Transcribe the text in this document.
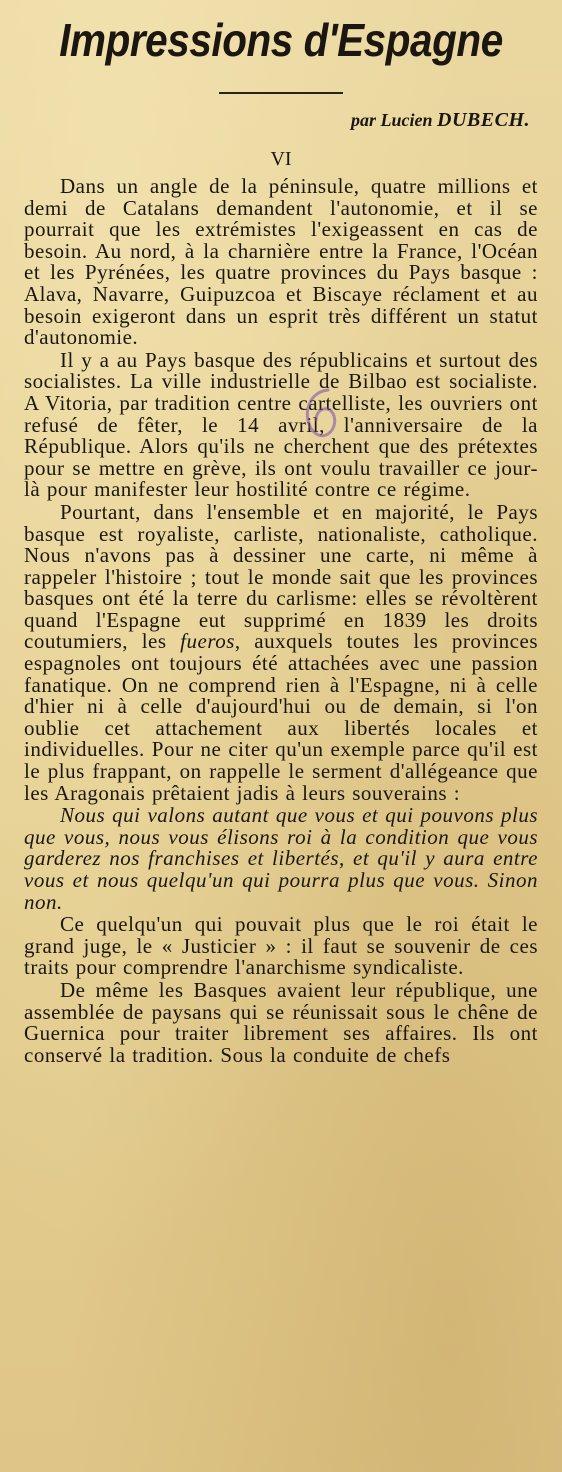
Impressions d'Espagne
par Lucien DUBECH.
VI

Dans un angle de la péninsule, quatre millions et demi de Catalans demandent l'autonomie, et il se pourrait que les extrémistes l'exigeassent en cas de besoin. Au nord, à la charnière entre la France, l'Océan et les Pyrénées, les quatre provinces du Pays basque : Alava, Navarre, Guipuzcoa et Biscaye réclament et au besoin exigeront dans un esprit très différent un statut d'autonomie.

Il y a au Pays basque des républicains et surtout des socialistes. La ville industrielle de Bilbao est socialiste. A Vitoria, par tradition centre cartelliste, les ouvriers ont refusé de fêter, le 14 avril, l'anniversaire de la République. Alors qu'ils ne cherchent que des prétextes pour se mettre en grève, ils ont voulu travailler ce jour-là pour manifester leur hostilité contre ce régime.

Pourtant, dans l'ensemble et en majorité, le Pays basque est royaliste, carliste, nationaliste, catholique. Nous n'avons pas à dessiner une carte, ni même à rappeler l'histoire ; tout le monde sait que les provinces basques ont été la terre du carlisme: elles se révoltèrent quand l'Espagne eut supprimé en 1839 les droits coutumiers, les fueros, auxquels toutes les provinces espagnoles ont toujours été attachées avec une passion fanatique. On ne comprend rien à l'Espagne, ni à celle d'hier ni à celle d'aujourd'hui ou de demain, si l'on oublie cet attachement aux libertés locales et individuelles. Pour ne citer qu'un exemple parce qu'il est le plus frappant, on rappelle le serment d'allégeance que les Aragonais prêtaient jadis à leurs souverains :

Nous qui valons autant que vous et qui pouvons plus que vous, nous vous élisons roi à la condition que vous garderez nos franchises et libertés, et qu'il y aura entre vous et nous quelqu'un qui pourra plus que vous. Sinon non.

Ce quelqu'un qui pouvait plus que le roi était le grand juge, le « Justicier » : il faut se souvenir de ces traits pour comprendre l'anarchisme syndicaliste.

De même les Basques avaient leur république, une assemblée de paysans qui se réunissait sous le chêne de Guernica pour traiter librement ses affaires. Ils ont conservé la tradition. Sous la conduite de chefs
